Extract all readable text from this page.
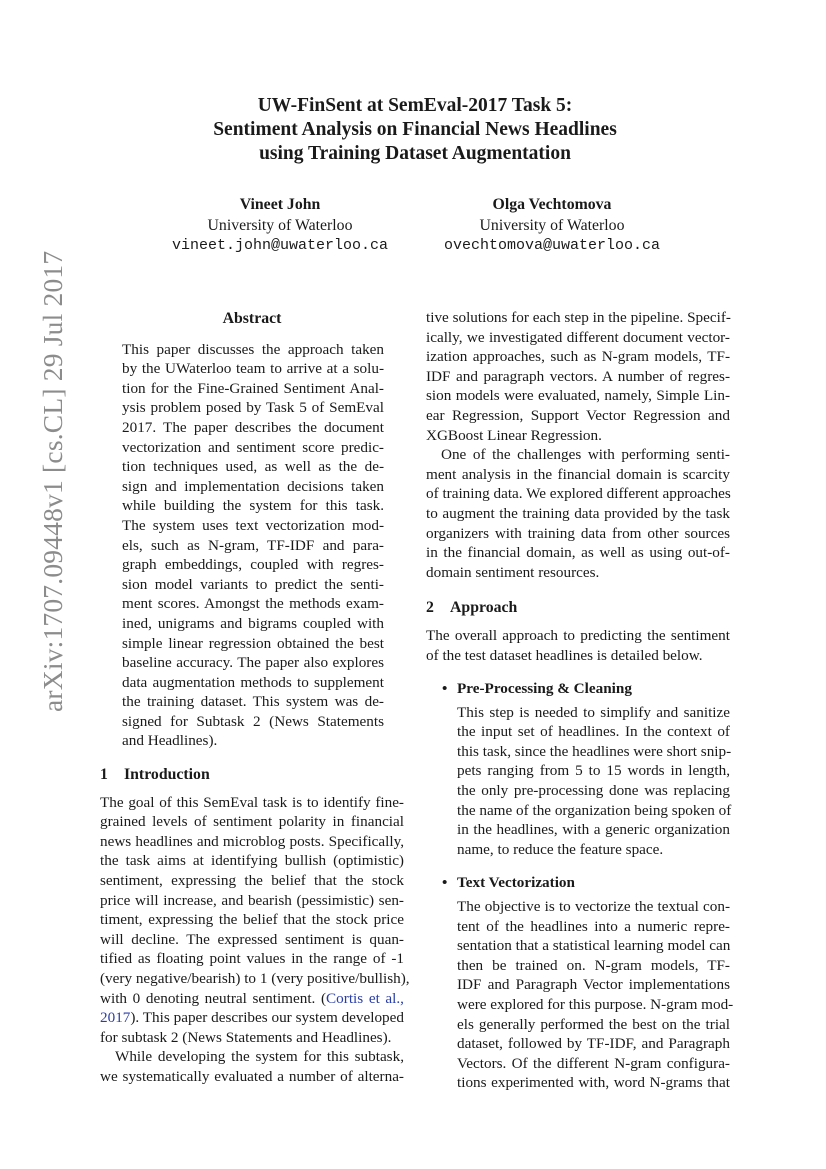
arXiv:1707.09448v1 [cs.CL] 29 Jul 2017
UW-FinSent at SemEval-2017 Task 5:
Sentiment Analysis on Financial News Headlines
using Training Dataset Augmentation
Vineet John
University of Waterloo
vineet.john@uwaterloo.ca
Olga Vechtomova
University of Waterloo
ovechtomova@uwaterloo.ca
Abstract
This paper discusses the approach taken
by the UWaterloo team to arrive at a solu-
tion for the Fine-Grained Sentiment Anal-
ysis problem posed by Task 5 of SemEval
2017. The paper describes the document
vectorization and sentiment score predic-
tion techniques used, as well as the de-
sign and implementation decisions taken
while building the system for this task.
The system uses text vectorization mod-
els, such as N-gram, TF-IDF and para-
graph embeddings, coupled with regres-
sion model variants to predict the senti-
ment scores. Amongst the methods exam-
ined, unigrams and bigrams coupled with
simple linear regression obtained the best
baseline accuracy. The paper also explores
data augmentation methods to supplement
the training dataset. This system was de-
signed for Subtask 2 (News Statements
and Headlines).
1 Introduction
The goal of this SemEval task is to identify fine-
grained levels of sentiment polarity in financial
news headlines and microblog posts. Specifically,
the task aims at identifying bullish (optimistic)
sentiment, expressing the belief that the stock
price will increase, and bearish (pessimistic) sen-
timent, expressing the belief that the stock price
will decline. The expressed sentiment is quan-
tified as floating point values in the range of -1
(very negative/bearish) to 1 (very positive/bullish),
with 0 denoting neutral sentiment. (Cortis et al.,
2017). This paper describes our system developed
for subtask 2 (News Statements and Headlines).
While developing the system for this subtask,
we systematically evaluated a number of alterna-
tive solutions for each step in the pipeline. Specif-
ically, we investigated different document vector-
ization approaches, such as N-gram models, TF-
IDF and paragraph vectors. A number of regres-
sion models were evaluated, namely, Simple Lin-
ear Regression, Support Vector Regression and
XGBoost Linear Regression.
One of the challenges with performing senti-
ment analysis in the financial domain is scarcity
of training data. We explored different approaches
to augment the training data provided by the task
organizers with training data from other sources
in the financial domain, as well as using out-of-
domain sentiment resources.
2 Approach
The overall approach to predicting the sentiment
of the test dataset headlines is detailed below.
• Pre-Processing & Cleaning
This step is needed to simplify and sanitize
the input set of headlines. In the context of
this task, since the headlines were short snip-
pets ranging from 5 to 15 words in length,
the only pre-processing done was replacing
the name of the organization being spoken of
in the headlines, with a generic organization
name, to reduce the feature space.
• Text Vectorization
The objective is to vectorize the textual con-
tent of the headlines into a numeric repre-
sentation that a statistical learning model can
then be trained on. N-gram models, TF-
IDF and Paragraph Vector implementations
were explored for this purpose. N-gram mod-
els generally performed the best on the trial
dataset, followed by TF-IDF, and Paragraph
Vectors. Of the different N-gram configura-
tions experimented with, word N-grams that
